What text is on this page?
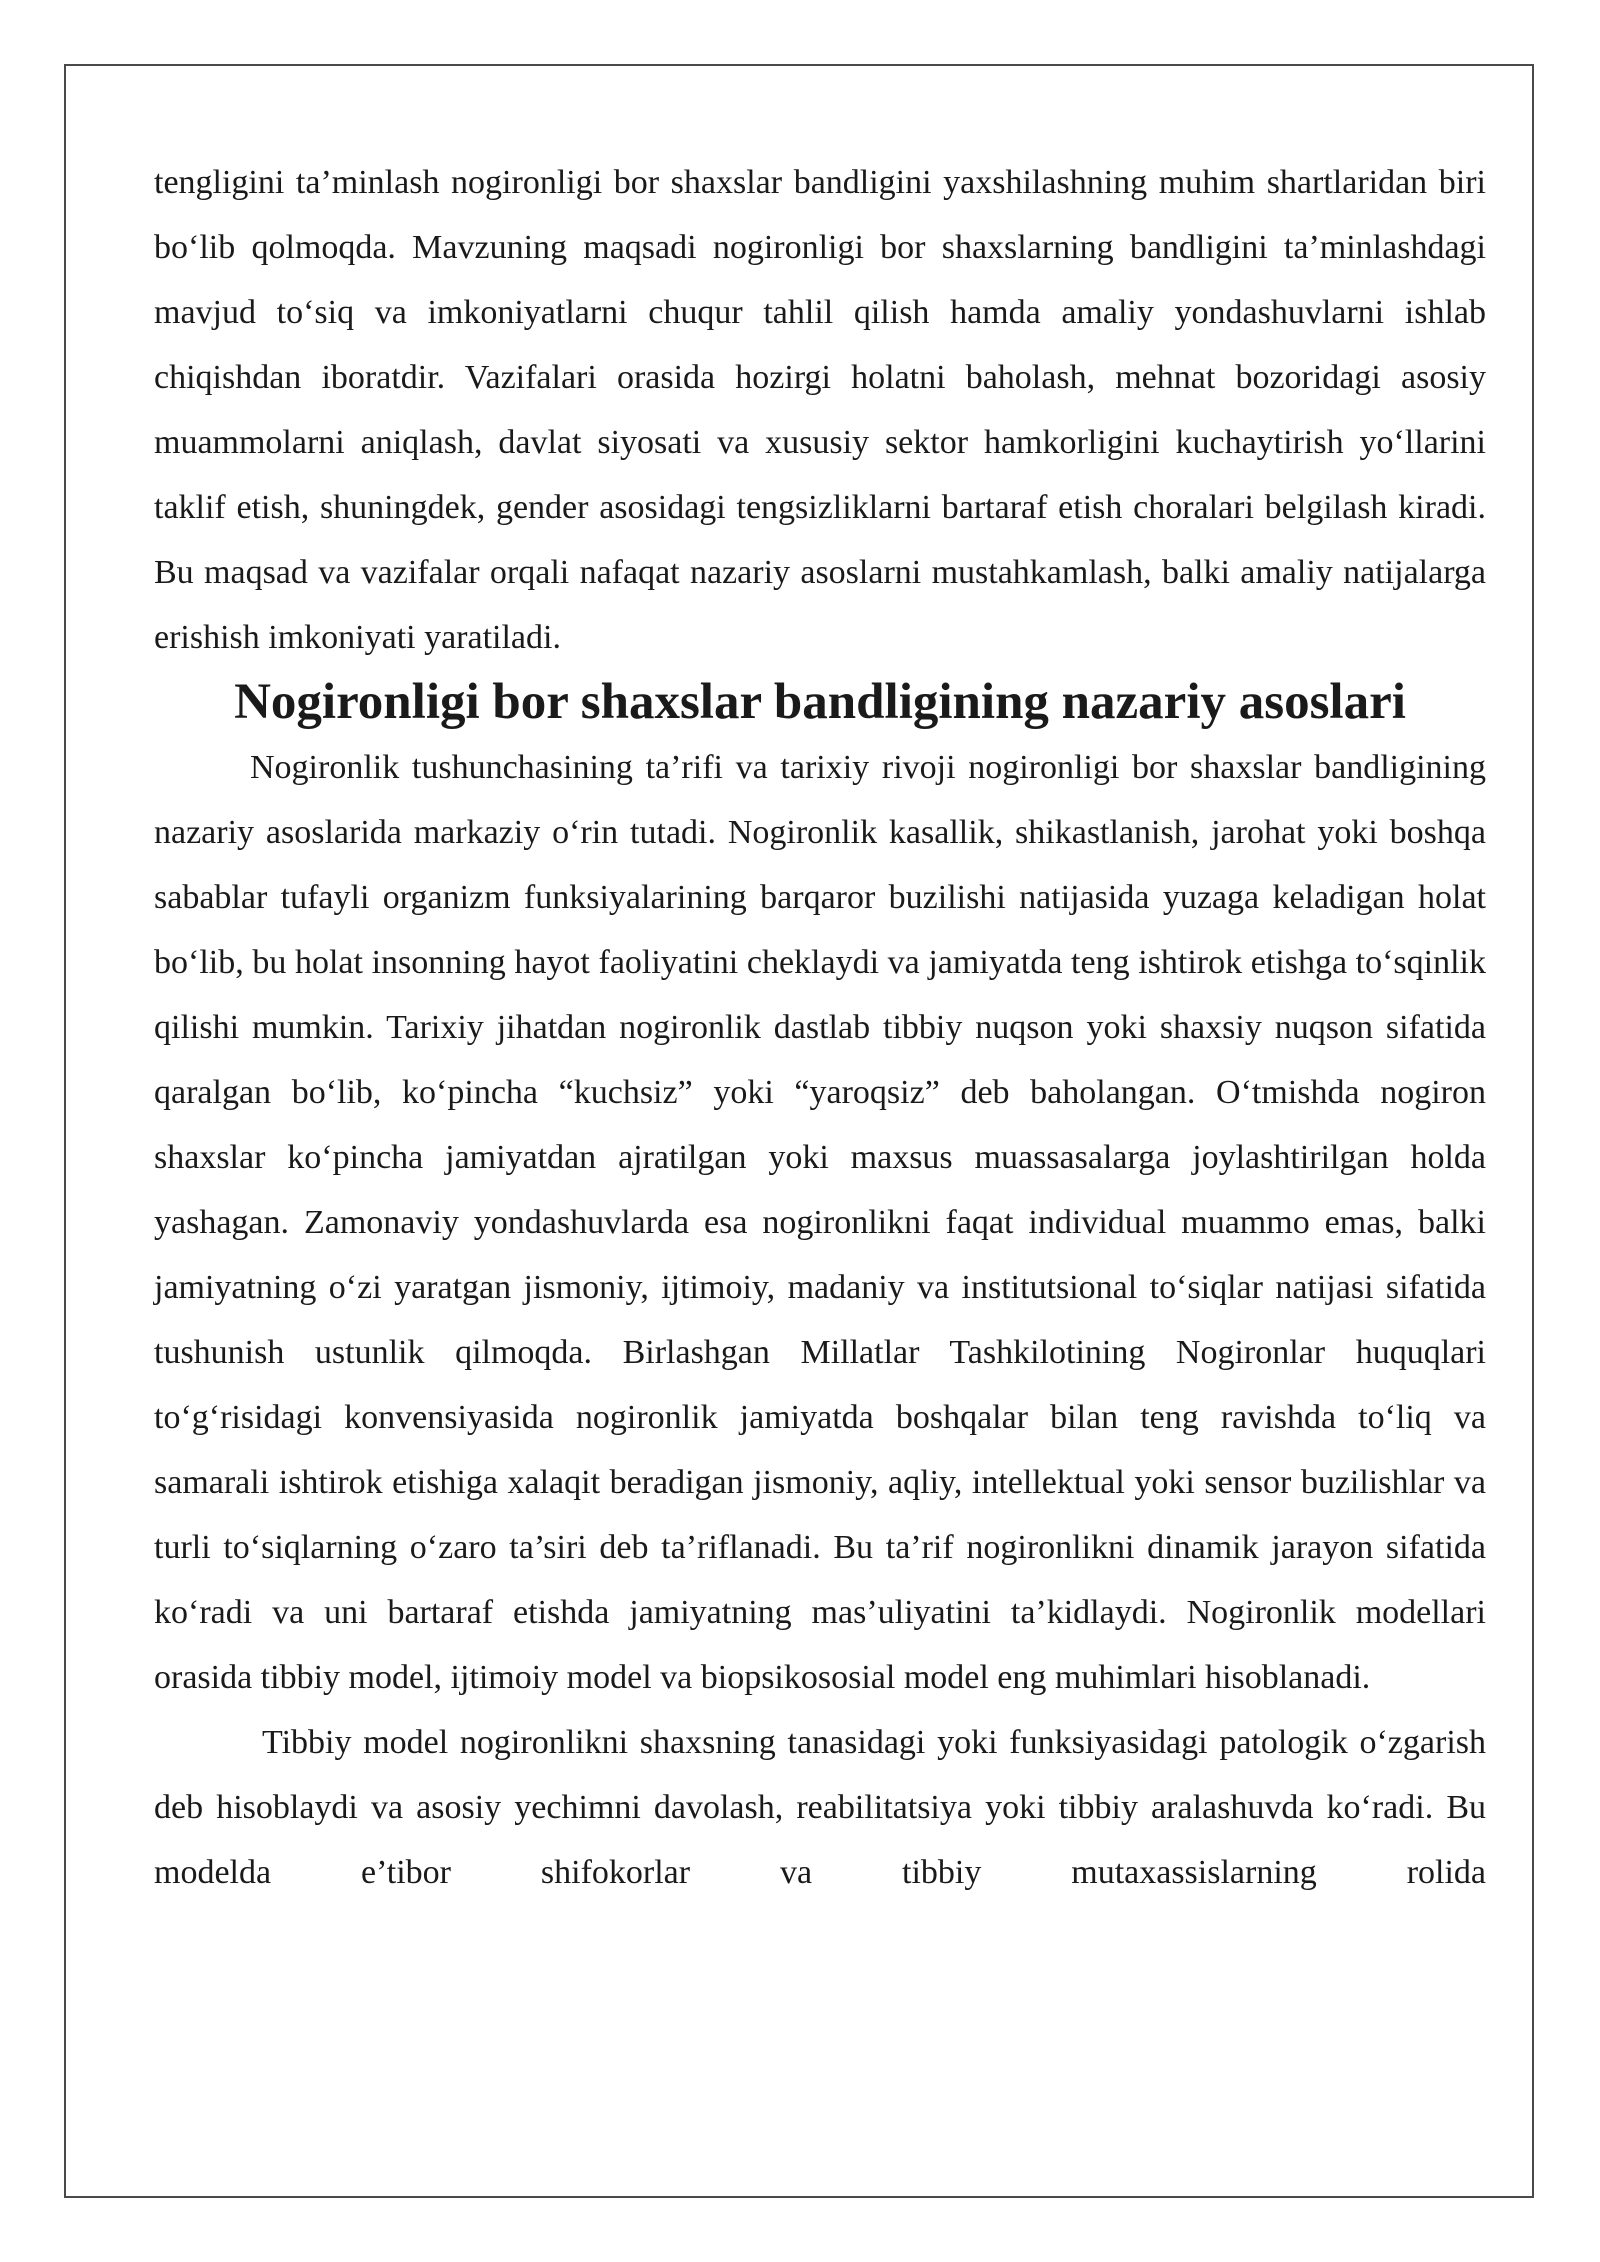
tengligini ta’minlash nogironligi bor shaxslar bandligini yaxshilashning muhim shartlaridan biri bo‘lib qolmoqda. Mavzuning maqsadi nogironligi bor shaxslarning bandligini ta’minlashdagi mavjud to‘siq va imkoniyatlarni chuqur tahlil qilish hamda amaliy yondashuvlarni ishlab chiqishdan iboratdir. Vazifalari orasida hozirgi holatni baholash, mehnat bozoridagi asosiy muammolarni aniqlash, davlat siyosati va xususiy sektor hamkorligini kuchaytirish yo‘llarini taklif etish, shuningdek, gender asosidagi tengsizliklarni bartaraf etish choralari belgilash kiradi. Bu maqsad va vazifalar orqali nafaqat nazariy asoslarni mustahkamlash, balki amaliy natijalarga erishish imkoniyati yaratiladi.

Nogironligi bor shaxslar bandligining nazariy asoslari

Nogironlik tushunchasining ta’rifi va tarixiy rivoji nogironligi bor shaxslar bandligining nazariy asoslarida markaziy o‘rin tutadi. Nogironlik kasallik, shikastlanish, jarohat yoki boshqa sabablar tufayli organizm funksiyalarining barqaror buzilishi natijasida yuzaga keladigan holat bo‘lib, bu holat insonning hayot faoliyatini cheklaydi va jamiyatda teng ishtirok etishga to‘sqinlik qilishi mumkin. Tarixiy jihatdan nogironlik dastlab tibbiy nuqson yoki shaxsiy nuqson sifatida qaralgan bo‘lib, ko‘pincha “kuchsiz” yoki “yaroqsiz” deb baholangan. O‘tmishda nogiron shaxslar ko‘pincha jamiyatdan ajratilgan yoki maxsus muassasalarga joylashtirilgan holda yashagan. Zamonaviy yondashuvlarda esa nogironlikni faqat individual muammo emas, balki jamiyatning o‘zi yaratgan jismoniy, ijtimoiy, madaniy va institutsional to‘siqlar natijasi sifatida tushunish ustunlik qilmoqda. Birlashgan Millatlar Tashkilotining Nogironlar huquqlari to‘g‘risidagi konvensiyasida nogironlik jamiyatda boshqalar bilan teng ravishda to‘liq va samarali ishtirok etishiga xalaqit beradigan jismoniy, aqliy, intellektual yoki sensor buzilishlar va turli to‘siqlarning o‘zaro ta’siri deb ta’riflanadi. Bu ta’rif nogironlikni dinamik jarayon sifatida ko‘radi va uni bartaraf etishda jamiyatning mas’uliyatini ta’kidlaydi. Nogironlik modellari orasida tibbiy model, ijtimoiy model va biopsikososial model eng muhimlari hisoblanadi.

Tibbiy model nogironlikni shaxsning tanasidagi yoki funksiyasidagi patologik o‘zgarish deb hisoblaydi va asosiy yechimni davolash, reabilitatsiya yoki tibbiy aralashuvda ko‘radi. Bu modelda e’tibor shifokorlar va tibbiy mutaxassislarning rolida
